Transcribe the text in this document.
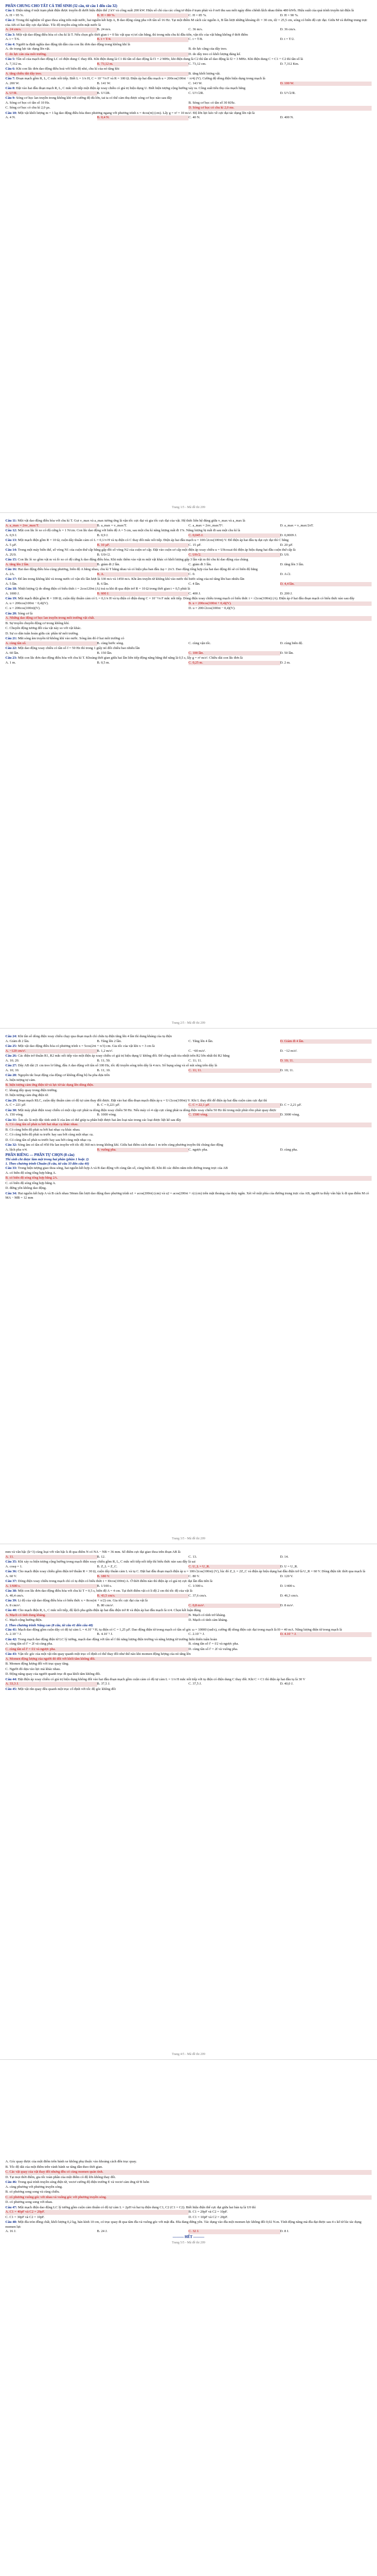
PHẦN CHUNG CHO TẤT CẢ THÍ SINH (32 câu, từ câu 1 đến câu 32)

Câu 1: Điện năng ở một trạm phát điện được truyền đi dưới hiệu điện thế 2 kV và công suất 200 kW. Hiệu số chỉ của các công tơ điện ở trạm phát và ở nơi thu sau mỗi ngày đêm chênh lệch nhau thêm 480 kWh. Hiệu suất của quá trình truyền tải điện là

A. H = 95 %.	B. H = 80 %.	C. H = 85 %.	D. H = 90 %.

Câu 2: Trong thí nghiệm về giao thoa sóng trên mặt nước, hai nguồn kết hợp A, B dao động cùng pha với tần số 16 Hz. Tại một điểm M cách các nguồn A, B lần lượt những khoảng d1 = 30 cm, d2 = 25,5 cm, sóng có biên độ cực đại. Giữa M và đường trung trực của AB có hai dãy cực đại khác. Tốc độ truyền sóng trên mặt nước là

A. 24 cm/s.	B. 24 m/s.	C. 36 m/s.	D. 36 cm/s.

Câu 3: Một vật dao động điều hòa có chu kì là T. Nếu chọn gốc thời gian t = 0 lúc vật qua vị trí cân bằng, thì trong nửa chu kì đầu tiên, vận tốc của vật bằng không ở thời điểm

A. t = T/6.	B. t = T/4.	C. t = T/8.	D. t = T/2.

Câu 4: Người ta định nghĩa dao động tắt dần của con lắc đơn dao động trong không khí là

A. do trọng lực tác dụng lên vật.	B. do lực căng của dây treo.
C. do lực cản của môi trường.	D. do dây treo có khối lượng đáng kể.

Câu 5: Tần số của mạch dao động LC có điện dung C thay đổi. Khi điện dung là C1 thì tần số dao động là f1 = 2 MHz, khi điện dung là C2 thì tần số dao động là f2 = 3 MHz. Khi điện dung C = C1 + C2 thì tần số là

A. 7,312 m.	B. 73,12 m.	C. 73,12 cm.	D. 7,312 Km.

Câu 6: Khi con lắc đơn dao động điều hoà với biên độ nhỏ, chu kì của nó tăng khi

A. tăng chiều dài dây treo.	B. tăng khối lượng vật.

Câu 7: Đoạn mạch gồm R, L, C mắc nối tiếp. Biết L = 1/π H, C = 10⁻⁴/π F và R = 100 Ω. Điện áp hai đầu mạch u = 200cos(100πt − π/4) (V). Cường độ dòng điện hiệu dụng trong mạch là

A. 200 W.	B. 141 W.	C. 143 W.	D. 100 W.

Câu 8: Đặt vào hai đầu đoạn mạch R, L, C mắc nối tiếp một điện áp xoay chiều có giá trị hiệu dụng U. Biết hiện tượng cộng hưởng xảy ra. Công suất tiêu thụ của mạch bằng

A. U²/R.	B. U²/2R.	C. U²/√2R.	D. U²√2/R.

Câu 9: Sóng cơ học lan truyền trong không khí với cường độ đủ lớn, tai ta có thể cảm thụ được sóng cơ học nào sau đây

A. Sóng cơ học có tần số 10 Hz.	B. Sóng cơ học có tần số 30 KHz.
C. Sóng cơ học có chu kì 2,0 µs.	D. Sóng cơ học có chu kì 2,0 ms.

Câu 10: Một vật khối lượng m = 1 kg dao động điều hòa theo phương ngang với phương trình x = 4cos(πt) (cm). Lấy g = π² = 10 m/s². Độ lớn lực kéo về cực đại tác dụng lên vật là

A. 4 N.	B. 0,4 N.	C. 40 N.	D. 400 N.
Trang 1/5 - Mã đề thi 209

Câu 11: Một vật dao động điều hòa với chu kì T. Gọi v_max và a_max tương ứng là vận tốc cực đại và gia tốc cực đại của vật. Hệ thức liên hệ đúng giữa v_max và a_max là

A. a_max = 2πv_max/T.	B. a_max = v_max/T.	C. a_max = 2πv_max/T².	D. a_max = v_max/2πT.

Câu 12: Một con lắc lò xo có độ cứng k = 1 N/cm. Con lắc dao động với biên độ A = 5 cm, sau một chu kì năng lượng mất đi 1%. Năng lượng bị mất đi sau một chu kì là

A. 0,9 J.	B. 0,9 J.	C. 0,045 J.	D. 0,0009 J.

Câu 13: Một mạch điện gồm R = 10 Ω, cuộn dây thuần cảm có L = 0,1/π H và tụ điện có C thay đổi mắc nối tiếp. Điện áp hai đầu mạch u = 100√2cos(100πt) V. Để điện áp hai đầu tụ đạt cực đại thì C bằng

A. 5 µF.	B. 10 µF.	C. 15 µF.	D. 20 µF.

Câu 14: Trong một máy biến thế, số vòng N1 của cuộn thứ cấp bằng gấp đôi số vòng N2 của cuộn sơ cấp. Đặt vào cuộn sơ cấp một điện áp xoay chiều u = U0cosωt thì điện áp hiệu dụng hai đầu cuộn thứ cấp là

A. 2U0.	B. U0/√2.	C. U0√2.	D. U0.

Câu 15: Con lắc lò xo gồm vật m và lò xo có độ cứng k dao động điều hòa. Khi mắc thêm vào vật m một vật khác có khối lượng gấp 3 lần vật m thì chu kì dao động của chúng

A. tăng lên 2 lần.	B. giảm đi 2 lần.	C. giảm đi 3 lần.	D. tăng lên 3 lần.

Câu 16: Hai dao động điều hòa cùng phương, biên độ A bằng nhau, chu kì T bằng nhau và có hiệu pha ban đầu Δφ = 2π/3. Dao động tổng hợp của hai dao động đó sẽ có biên độ bằng

A. 2A.	B. A.	C. 0.	D. A√2.

Câu 17: Để âm trong không khí và trong nước có vận tốc lần lượt là 330 m/s và 1450 m/s. Khi âm truyền từ không khí vào nước thì bước sóng của nó tăng lên bao nhiêu lần

A. 5 lần.	B. 6 lần.	C. 4 lần.	D. 4,4 lần.

Câu 18: Nhiệt lượng Q do dòng điện có biểu thức i = 2cos120πt (A) toả ra khi đi qua điện trở R = 10 Ω trong thời gian t = 0,5 phút là

A. 1000 J.	B. 600 J.	C. 400 J.	D. 200 J.

Câu 19: Một mạch điện gồm R = 100 Ω, cuộn dây thuần cảm có L = 0,1/π H và tụ điện có điện dung C = 10⁻³/π F mắc nối tiếp. Dòng điện xoay chiều trong mạch có biểu thức i = √2cos(100πt) (A). Điện áp ở hai đầu đoạn mạch có biểu thức nào sau đây

A. u = 200cos(100πt − 0,4)(V).	B. u = 200cos(100πt + 0,4)(V).
C. u = 200cos(100πt)(V).	D. u = 200√2cos(100πt − 0,4)(V).

Câu 20: Sóng cơ là

A. Những dao động cơ học lan truyền trong môi trường vật chất.
B. Sự truyền chuyển động cơ trong không khí.
C. Chuyển động tương đối của vật này so với vật khác.
D. Sự co dãn tuần hoàn giữa các phần tử môi trường.

Câu 21: Mắt sóng âm truyền từ không khí vào nước. Sóng âm đó ở hai môi trường có

A. cùng tần số.	B. cùng bước sóng.	C. cùng vận tốc.	D. cùng biên độ.

Câu 22: Một dao động xoay chiều có tần số f = 50 Hz thì trong 1 giây nó đổi chiều bao nhiêu lần

A. 60 lần.	B. 150 lần.	C. 100 lần.	D. 50 lần.

Câu 23: Một con lắc đơn dao động điều hòa với chu kì T. Khoảng thời gian giữa hai lần liên tiếp động năng bằng thế năng là 0,5 s, lấy g = π² m/s². Chiều dài con lắc đơn là

A. 1 m.	B. 0,5 m.	C. 0,25 m.	D. 2 m.
Trang 2/5 - Mã đề thi 209

Câu 24: Khi tần số dòng điện xoay chiều chạy qua đoạn mạch chỉ chứa tụ điện tăng lên 4 lần thì dung kháng của tụ điện

A. Giảm đi 2 lần.	B. Tăng lên 2 lần.	C. Tăng lên 4 lần.	D. Giảm đi 4 lần.

Câu 25: Một vật dao động điều hòa có phương trình x = 5cos(2πt + π/3) cm. Gia tốc của vật khi x = 3 cm là

A. −120 cm/s².	B. 1,2 m/s².	C. −60 m/s².	D. −12 m/s².

Câu 26: Các điện trở thuần R1, R2 mắc nối tiếp vào một điện áp xoay chiều có giá trị hiệu dụng U không đổi. Để công suất tỏa nhiệt trên R2 lớn nhất thì R2 bằng

A. 10; 20.	B. 11; 50.	C. 11; 11.	D. 10; 11.

Câu 27: Dây AB dài 21 cm treo lơ lửng, đầu A dao động với tần số 100 Hz, tốc độ truyền sóng trên dây là 4 m/s. Số bụng sóng và số nút sóng trên dây là

A. 10; 10.	B. 11; 10.	C. 11; 11.	D. 10; 11.

Câu 28: Nguyên tắc hoạt động của động cơ không đồng bộ ba pha dựa trên

A. hiện tượng tự cảm.
B. hiện tượng cảm ứng điện từ và lực từ tác dụng lên dòng điện.
C. khung dây quay trong điện trường.
D. hiện tượng cảm ứng điện từ.

Câu 29: Đoạn mạch RLC, cuộn dây thuần cảm có độ tự cảm thay đổi được. Đặt vào hai đầu đoạn mạch điện áp u = U√2cos(100πt) V. Khi L thay đổi để điện áp hai đầu cuộn cảm cực đại thì

A. C = 221 µF.	B. C = 0,221 µF.	C. C = 22,1 µF.	D. C = 2,21 µF.

Câu 30: Một máy phát điện xoay chiều có một cặp cực phát ra dòng điện xoay chiều 50 Hz. Nếu máy có 4 cặp cực cùng phát ra dòng điện xoay chiều 50 Hz thì trong một phút rôto phải quay được

A. 150 vòng.	B. 1000 vòng.	C. 1500 vòng.	D. 3000 vòng.

Câu 31: Âm sắc là một đặc tính sinh lí của âm có thể giúp ta phân biệt được hai âm loại nào trong các loại được liệt kê sau đây

A. Có cùng tần số phát ra bởi hai nhạc cụ khác nhau.
B. Có cùng biên độ phát ra bởi hai nhạc cụ khác nhau.
C. Có cùng biên độ phát ra trước hay sau bởi cùng một nhạc cụ.
D. Có cùng tần số phát ra trước hay sau bởi cùng một nhạc cụ.

Câu 32: Sóng âm có tần số 450 Hz lan truyền với tốc độ 360 m/s trong không khí. Giữa hai điểm cách nhau 1 m trên cùng phương truyền thì chúng dao động

A. lệch pha π/4.	B. vuông pha.	C. ngược pha.	D. cùng pha.
PHẦN RIÊNG — PHẦN TỰ CHỌN (8 câu)
Thí sinh chỉ được làm một trong hai phần (phần 1 hoặc 2)
1. Theo chương trình Chuẩn (8 câu, từ câu 33 đến câu 40)

Câu 33: Trong hiện tượng giao thoa sóng, hai nguồn kết hợp A và B dao động với cùng tần số, cùng biên độ. Khi đó các điểm nằm trên đường trung trực của AB

A. có biên độ sóng tổng hợp bằng A.
B. có biên độ sóng tổng hợp bằng 2A.
C. có biên độ sóng tổng hợp bằng A.
D. đứng yên không dao động.

Câu 34: Hai nguồn kết hợp A và B cách nhau 50mm lần lượt dao động theo phương trình u1 = acos(200πt) (cm) và u2 = acos(200πt + π) (cm) trên mặt thoáng của thủy ngân. Xét về một phía của đường trung trực của AB, người ta thấy vân bậc k đi qua điểm M có MA − MB = 12 mm

Trang 3/5 - Mã đề thi 209

mm và vân bậc (k+3) cùng loại với vân bậc k đi qua điểm N có NA − NB = 36 mm. Số điểm cực đại giao thoa trên đoạn AB là

A. 11.	B. 12.	C. 13.	D. 14.

Câu 35: Khi xảy ra hiện tượng cộng hưởng trong mạch điện xoay chiều gồm R, L, C mắc nối tiếp nối tiếp thì biểu thức nào sau đây là sai

A. cosφ = 1.	B. Z_L = Z_C.	C. U_L = U_R.	D. U = U_R.

Câu 36: Cho mạch điện xoay chiều gồm điện trở thuần R = 30 Ω, cuộn dây thuần cảm L và tụ C. Đặt hai đầu đoạn mạch điện áp u = 100√2cos(100πt) (V), lúc đó Z_L = 2Z_C và điện áp hiệu dụng hai đầu điện trở là U_R = 60 V. Dòng điện tức thời qua mạch là

A. 60 V.	B. 180 V.	C. 80 V.	D. 120 V.

Câu 37: Dòng điện xoay chiều trong mạch chỉ có tụ điện có biểu thức i = I0cos(100πt) A. Ở thời điểm nào thì điện áp có giá trị cực đại lần đầu tiên là

A. 1/600 s.	B. 1/100 s.	C. 1/300 s.	D. 1/400 s.

Câu 38: Một con lắc đơn dao động điều hòa với chu kì T = 0,5 s, biên độ A = 4 cm. Tại thời điểm vật có li độ 2 cm thì tốc độ của vật là

A. 40,4 cm/s.	B. 43,5 cm/s.	C. 37,6 cm/s.	D. 46,3 cm/s.

Câu 39: Li độ của vật dao động điều hòa có biểu thức x = 8cos(πt + π/2) cm. Gia tốc cực đại của vật là

A. 8 cm/s².	B. 80 cm/s².	C. 0,8 m/s².	D. 8 m/s².

Câu 40: Cho mạch điện R, L, C mắc nối tiếp, độ lệch pha giữa điện áp hai đầu điện trở R và điện áp hai đầu mạch là π/4. Chọn kết luận đúng

A. Mạch có tính dung kháng.	B. Mạch có tính trở kháng.
C. Mạch cộng hưởng điện.	D. Mạch có tính cảm kháng.
2. Theo chương trình Nâng cao (8 câu, từ câu 41 đến câu 48)

Câu 41: Mạch dao động gồm cuộn dây có độ tự cảm L = 4.10⁻³ H, tụ điện có C = 1,25 µF. Dao động điện từ trong mạch có tần số góc ω = 10000 (rad/s), cường độ dòng điện cực đại trong mạch là I0 = 40 mA. Năng lượng điện từ trong mạch là

A. 2.10⁻² J.	B. 4.10⁻² J.	C. 2.10⁻⁶ J.	D. 4.10⁻⁶ J.

Câu 42: Trong mạch dao động điện từ LC lý tưởng, mạch dao động với tần số f thì năng lượng điện trường và năng lượng từ trường biến thiên tuần hoàn

A. cùng tần số f' = 2f và cùng pha.	B. cùng tần số f' = f/2 và ngược pha.
C. cùng tần số f' = f/2 và ngược pha.	D. cùng tần số f' = 2f và vuông pha.

Câu 43: Vận tốc góc của một vật rắn quay quanh một trục cố định có thể thay đổi như thế nào khi momen động lượng của nó tăng lên

A. Momen động lượng của người đó đối với khối tâm không đổi.
B. Momen động lượng đối với trục quay tăng.
C. Người đó dựa vào lực mà khác nhau.
D. Động năng quay của người quanh trục đi qua khối tâm không đổi.

Câu 44: Đặt điện áp xoay chiều có giá trị hiệu dụng không đổi vào hai đầu đoạn mạch gồm cuộn cảm có độ tự cảm L = 1/π H mắc nối tiếp với tụ điện có điện dung C thay đổi. Khi C = C1 thì điện áp hai đầu tụ là 30 V

A. 33,3 J.	B. 37,5 J.	C. 37,5 J.	D. 40,0 J.

Câu 45: Một vật rắn quay đều quanh một trục cố định với tốc độ góc không đổi

Trang 4/5 - Mã đề thi 209

A. Góc quay được của một điểm trên bánh xe không phụ thuộc vào khoảng cách đến trục quay.
B. Tốc độ dài của một điểm trên vành bánh xe tăng dần theo thời gian.
C. Các vật quay của vật thay đổi nhưng đều có cùng momen quán tính.
D. Tại mọi thời điểm, gia tốc toàn phần của một điểm có độ lớn không thay đổi.

Câu 46: Trong quá trình truyền sóng điện từ, vectơ cường độ điện trường E và vectơ cảm ứng từ B luôn

A. cùng phương với phương truyền sóng.
B. có phương song song và cùng chiều.
C. có phương vuông góc với nhau và vuông góc với phương truyền sóng.
D. có phương song song với nhau.

Câu 47: Một mạch điện dao động LC lý tưởng gồm cuộn cảm thuần có độ tự cảm L = 2µH và hai tụ điện dung C1, C2 (C1 = C2). Biết hiệu điện thế cực đại giữa hai bản tụ là U0 thì

A. C1 = 40pF và C2 = 20pF.	B. C1 = 20pF và C2 = 10pF.
C. C1 = 30pF và C2 = 10pF.	D. C1 = 10pF và C2 = 20pF.

Câu 48: Một đĩa tròn đồng chất, khối lượng 0,2 kg, bán kính 10 cm, có trục quay đi qua tâm đĩa và vuông góc với mặt đĩa. Đĩa đang đứng yên. Tác dụng vào đĩa một momen lực không đổi 0,02 N.m. Tính động năng mà đĩa đạt được sau 4 s kể từ lúc tác dụng momen lực

A. 16 J.	B. 24 J.	C. 32 J.	D. 8 J.
——— HẾT ———
Trang 5/5 - Mã đề thi 209
